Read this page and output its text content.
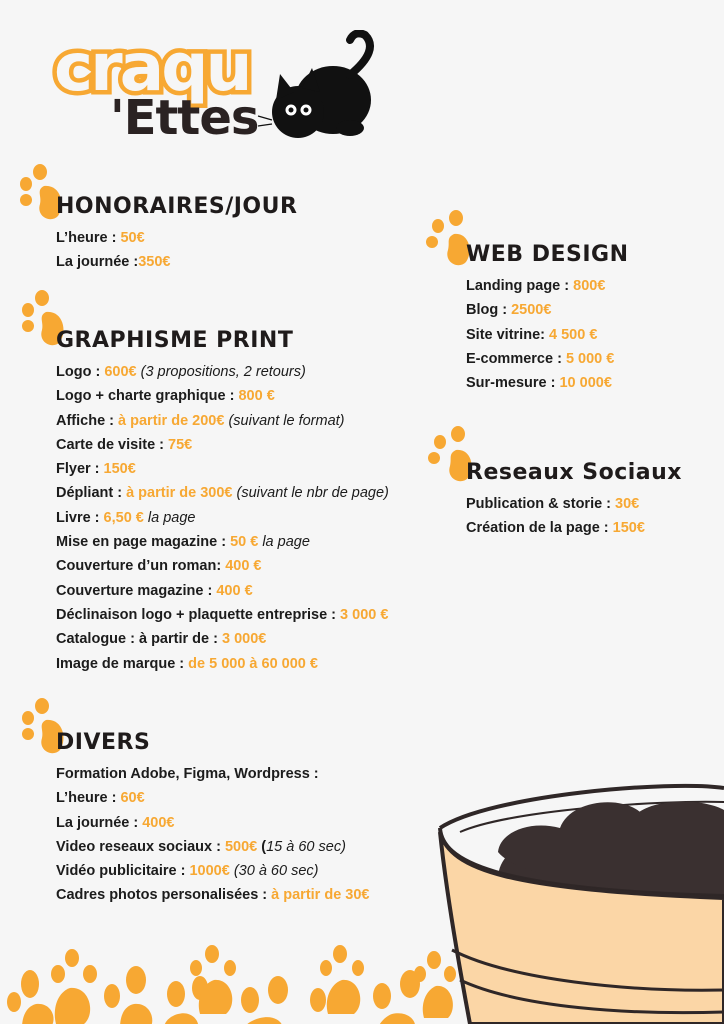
craqu
'Ettes
HONORAIRES/JOUR
L’heure : 50€
La journée :350€
GRAPHISME PRINT
Logo : 600€ (3 propositions, 2 retours)
Logo + charte graphique : 800 €
Affiche : à partir de 200€ (suivant le format)
Carte de visite : 75€
Flyer : 150€
Dépliant : à partir de 300€ (suivant le nbr de page)
Livre : 6,50 € la page
Mise en page magazine : 50 € la page
Couverture d’un roman: 400 €
Couverture magazine : 400 €
Déclinaison logo + plaquette entreprise : 3 000 €
Catalogue : à partir de : 3 000€
Image de marque : de 5 000 à 60 000 €
DIVERS
Formation Adobe, Figma, Wordpress :
L’heure : 60€
La journée : 400€
Video reseaux sociaux : 500€ (15 à 60 sec)
Vidéo publicitaire : 1000€ (30 à 60 sec)
Cadres photos personalisées : à partir de 30€
WEB DESIGN
Landing page : 800€
Blog : 2500€
Site vitrine: 4 500 €
E-commerce : 5 000 €
Sur-mesure : 10 000€
Reseaux Sociaux
Publication & storie : 30€
Création de la page : 150€
